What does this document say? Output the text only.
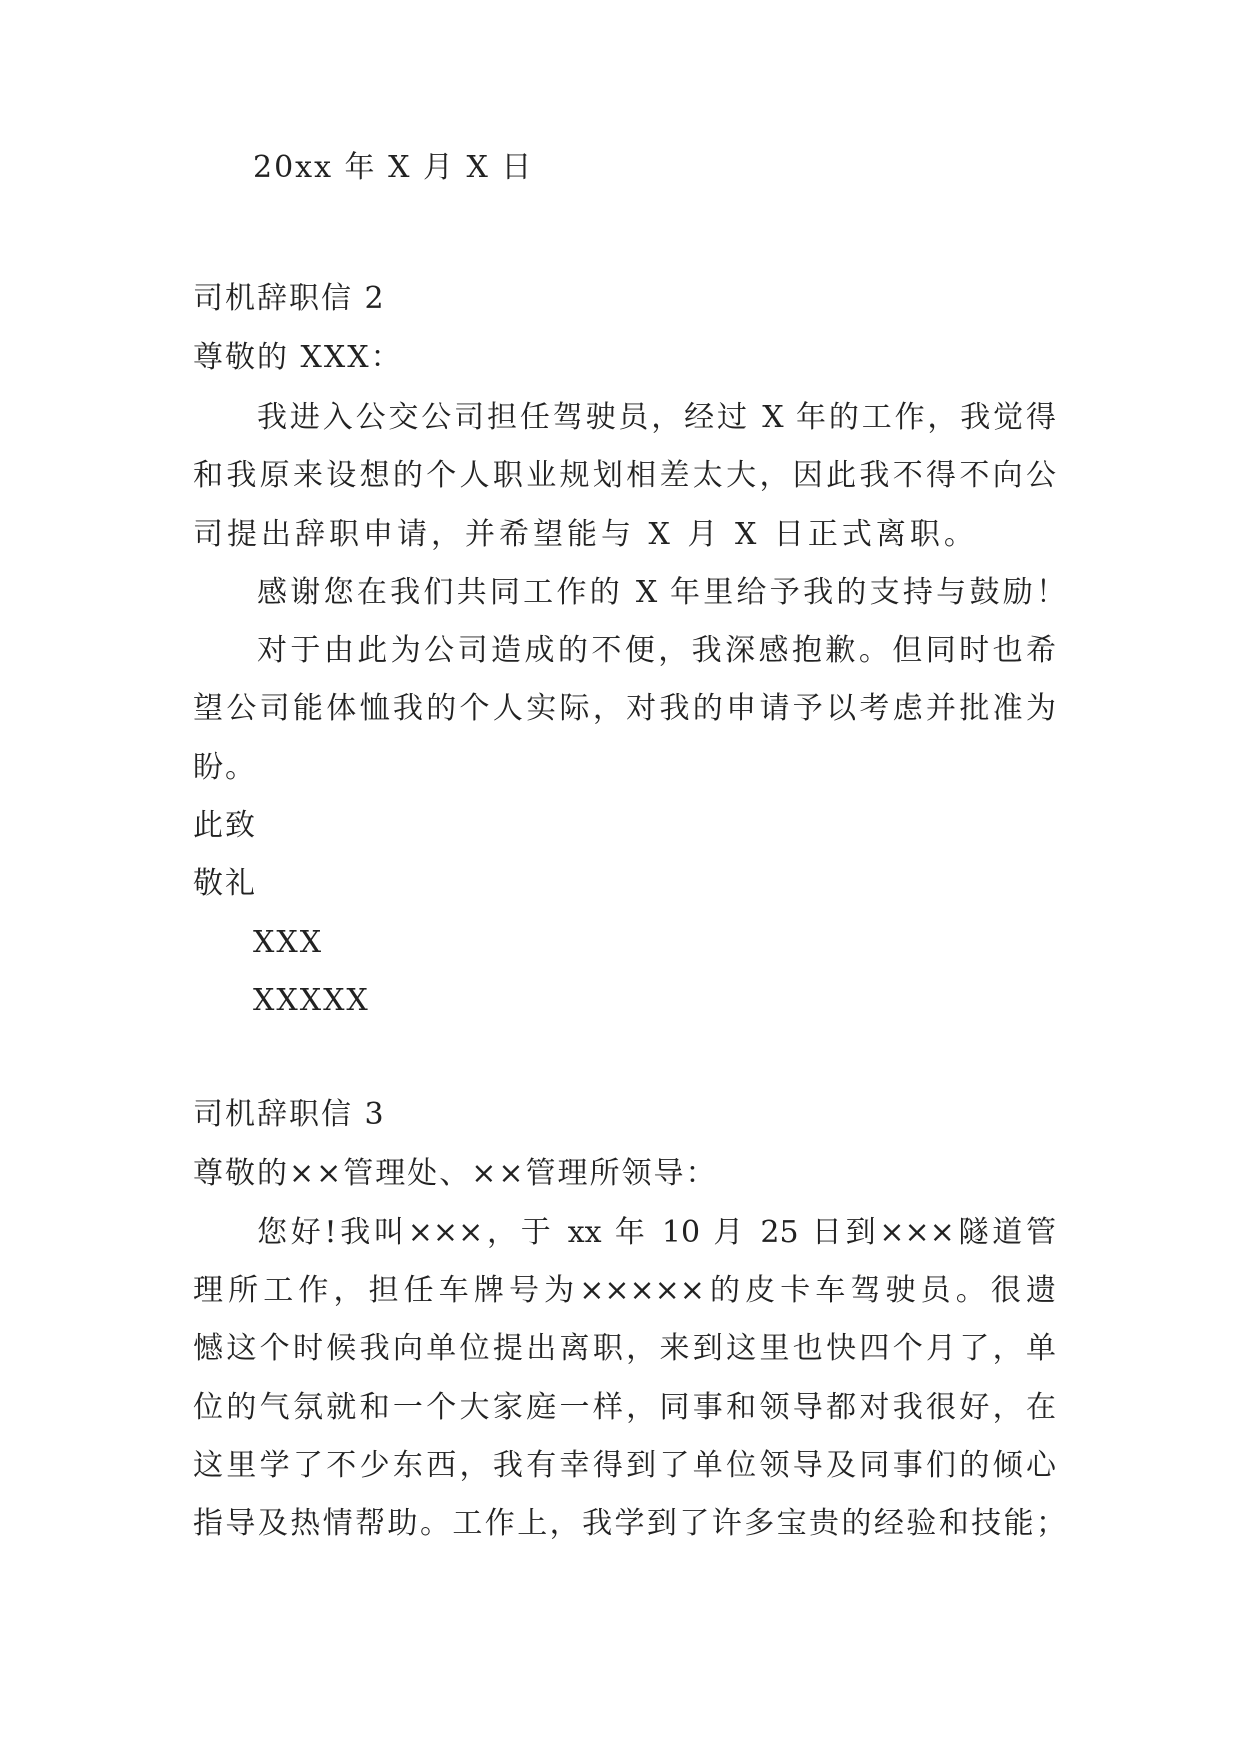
20xx 年 X 月 X 日
司机辞职信 2
尊敬的 XXX：
我进入公交公司担任驾驶员，经过 X 年的工作，我觉得
和我原来设想的个人职业规划相差太大，因此我不得不向公
司提出辞职申请，并希望能与 X 月 X 日正式离职。
感谢您在我们共同工作的 X 年里给予我的支持与鼓励！
对于由此为公司造成的不便，我深感抱歉。但同时也希
望公司能体恤我的个人实际，对我的申请予以考虑并批准为
盼。
此致
敬礼
XXX
XXXXX
司机辞职信 3
尊敬的××管理处、××管理所领导：
您好!我叫×××，于 xx 年 10 月 25 日到×××隧道管
理所工作，担任车牌号为×××××的皮卡车驾驶员。很遗
憾这个时候我向单位提出离职，来到这里也快四个月了，单
位的气氛就和一个大家庭一样，同事和领导都对我很好，在
这里学了不少东西，我有幸得到了单位领导及同事们的倾心
指导及热情帮助。工作上，我学到了许多宝贵的经验和技能；
